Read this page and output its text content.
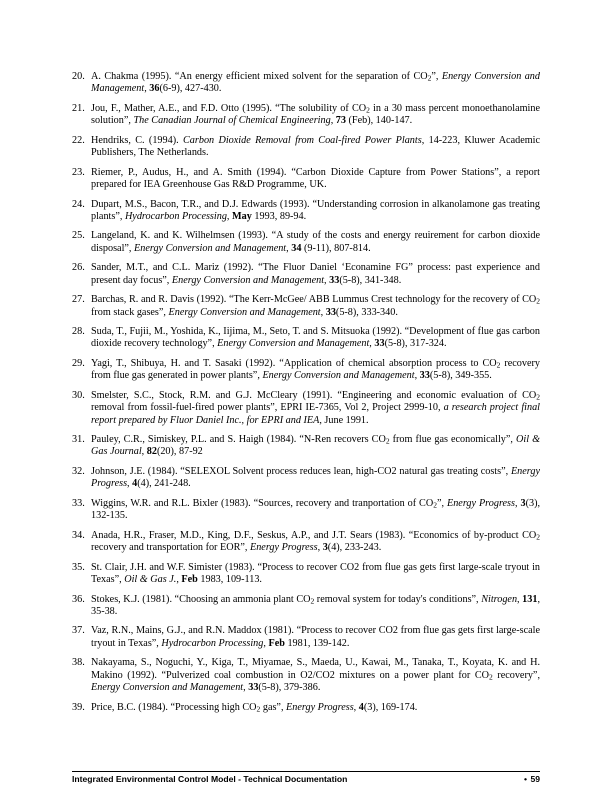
20. A. Chakma (1995). “An energy efficient mixed solvent for the separation of $CO_2$”, Energy Conversion and Management, 36(6-9), 427-430.
21. Jou, F., Mather, A.E., and F.D. Otto (1995). “The solubility of $CO_2$ in a 30 mass percent monoethanolamine solution”, The Canadian Journal of Chemical Engineering, 73 (Feb), 140-147.
22. Hendriks, C. (1994). Carbon Dioxide Removal from Coal-fired Power Plants, 14-223, Kluwer Academic Publishers, The Netherlands.
23. Riemer, P., Audus, H., and A. Smith (1994). “Carbon Dioxide Capture from Power Stations”, a report prepared for IEA Greenhouse Gas R&D Programme, UK.
24. Dupart, M.S., Bacon, T.R., and D.J. Edwards (1993). “Understanding corrosion in alkanolamone gas treating plants”, Hydrocarbon Processing, May 1993, 89-94.
25. Langeland, K. and K. Wilhelmsen (1993). “A study of the costs and energy reuirement for carbon dioxide disposal”, Energy Conversion and Management, 34 (9-11), 807-814.
26. Sander, M.T., and C.L. Mariz (1992). “The Fluor Daniel ‘Econamine FG” process: past experience and present day focus”, Energy Conversion and Management, 33(5-8), 341-348.
27. Barchas, R. and R. Davis (1992). “The Kerr-McGee/ ABB Lummus Crest technology for the recovery of $CO_2$ from stack gases”, Energy Conversion and Management, 33(5-8), 333-340.
28. Suda, T., Fujii, M., Yoshida, K., Iijima, M., Seto, T. and S. Mitsuoka (1992). “Development of flue gas carbon dioxide recovery technology”, Energy Conversion and Management, 33(5-8), 317-324.
29. Yagi, T., Shibuya, H. and T. Sasaki (1992). “Application of chemical absorption process to $CO_2$ recovery from flue gas generated in power plants”, Energy Conversion and Management, 33(5-8), 349-355.
30. Smelster, S.C., Stock, R.M. and G.J. McCleary (1991). “Engineering and economic evaluation of $CO_2$ removal from fossil-fuel-fired power plants”, EPRI IE-7365, Vol 2, Project 2999-10, a research project final report prepared by Fluor Daniel Inc., for EPRI and IEA, June 1991.
31. Pauley, C.R., Simiskey, P.L. and S. Haigh (1984). “N-Ren recovers $CO_2$ from flue gas economically”, Oil & Gas Journal, 82(20), 87-92
32. Johnson, J.E. (1984). “SELEXOL Solvent process reduces lean, high-CO2 natural gas treating costs”, Energy Progress, 4(4), 241-248.
33. Wiggins, W.R. and R.L. Bixler (1983). “Sources, recovery and tranportation of $CO_2$”, Energy Progress, 3(3), 132-135.
34. Anada, H.R., Fraser, M.D., King, D.F., Seskus, A.P., and J.T. Sears (1983). “Economics of by-product $CO_2$ recovery and transportation for EOR”, Energy Progress, 3(4), 233-243.
35. St. Clair, J.H. and W.F. Simister (1983). “Process to recover CO2 from flue gas gets first large-scale tryout in Texas”, Oil & Gas J., Feb 1983, 109-113.
36. Stokes, K.J. (1981). “Choosing an ammonia plant $CO_2$ removal system for today's conditions”, Nitrogen, 131, 35-38.
37. Vaz, R.N., Mains, G.J., and R.N. Maddox (1981). “Process to recover CO2 from flue gas gets first large-scale tryout in Texas”, Hydrocarbon Processing, Feb 1981, 139-142.
38. Nakayama, S., Noguchi, Y., Kiga, T., Miyamae, S., Maeda, U., Kawai, M., Tanaka, T., Koyata, K. and H. Makino (1992). “Pulverized coal combustion in O2/CO2 mixtures on a power plant for $CO_2$ recovery”, Energy Conversion and Management, 33(5-8), 379-386.
39. Price, B.C. (1984). “Processing high $CO_2$ gas”, Energy Progress, 4(3), 169-174.
Integrated Environmental Control Model - Technical Documentation	• 59
